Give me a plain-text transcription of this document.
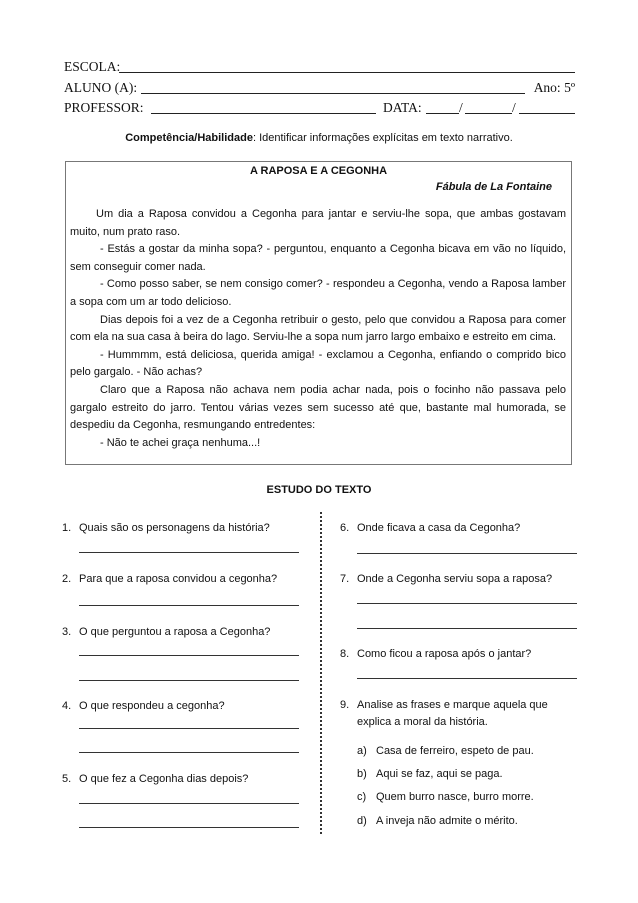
ESCOLA:
ALUNO (A):	Ano: 5º
PROFESSOR:	DATA:	/	/
Competência/Habilidade: Identificar informações explícitas em texto narrativo.
A RAPOSA E A CEGONHA
Fábula de La Fontaine

Um dia a Raposa convidou a Cegonha para jantar e serviu-lhe sopa, que ambas gostavam muito, num prato raso.

- Estás a gostar da minha sopa? - perguntou, enquanto a Cegonha bicava em vão no líquido, sem conseguir comer nada.

- Como posso saber, se nem consigo comer? - respondeu a Cegonha, vendo a Raposa lamber a sopa com um ar todo delicioso.

Dias depois foi a vez de a Cegonha retribuir o gesto, pelo que convidou a Raposa para comer com ela na sua casa à beira do lago. Serviu-lhe a sopa num jarro largo embaixo e estreito em cima.

- Hummmm, está deliciosa, querida amiga! - exclamou a Cegonha, enfiando o comprido bico pelo gargalo. - Não achas?

Claro que a Raposa não achava nem podia achar nada, pois o focinho não passava pelo gargalo estreito do jarro. Tentou várias vezes sem sucesso até que, bastante mal humorada, se despediu da Cegonha, resmungando entredentes:

- Não te achei graça nenhuma...!

ESTUDO DO TEXTO
1. Quais são os personagens da história?
2. Para que a raposa convidou a cegonha?
3. O que perguntou a raposa a Cegonha?
4. O que respondeu a cegonha?
5. O que fez a Cegonha dias depois?
6. Onde ficava a casa da Cegonha?
7. Onde a Cegonha serviu sopa a raposa?
8. Como ficou a raposa após o jantar?
9. Analise as frases e marque aquela que
explica a moral da história.
a) Casa de ferreiro, espeto de pau.
b) Aqui se faz, aqui se paga.
c) Quem burro nasce, burro morre.
d) A inveja não admite o mérito.
